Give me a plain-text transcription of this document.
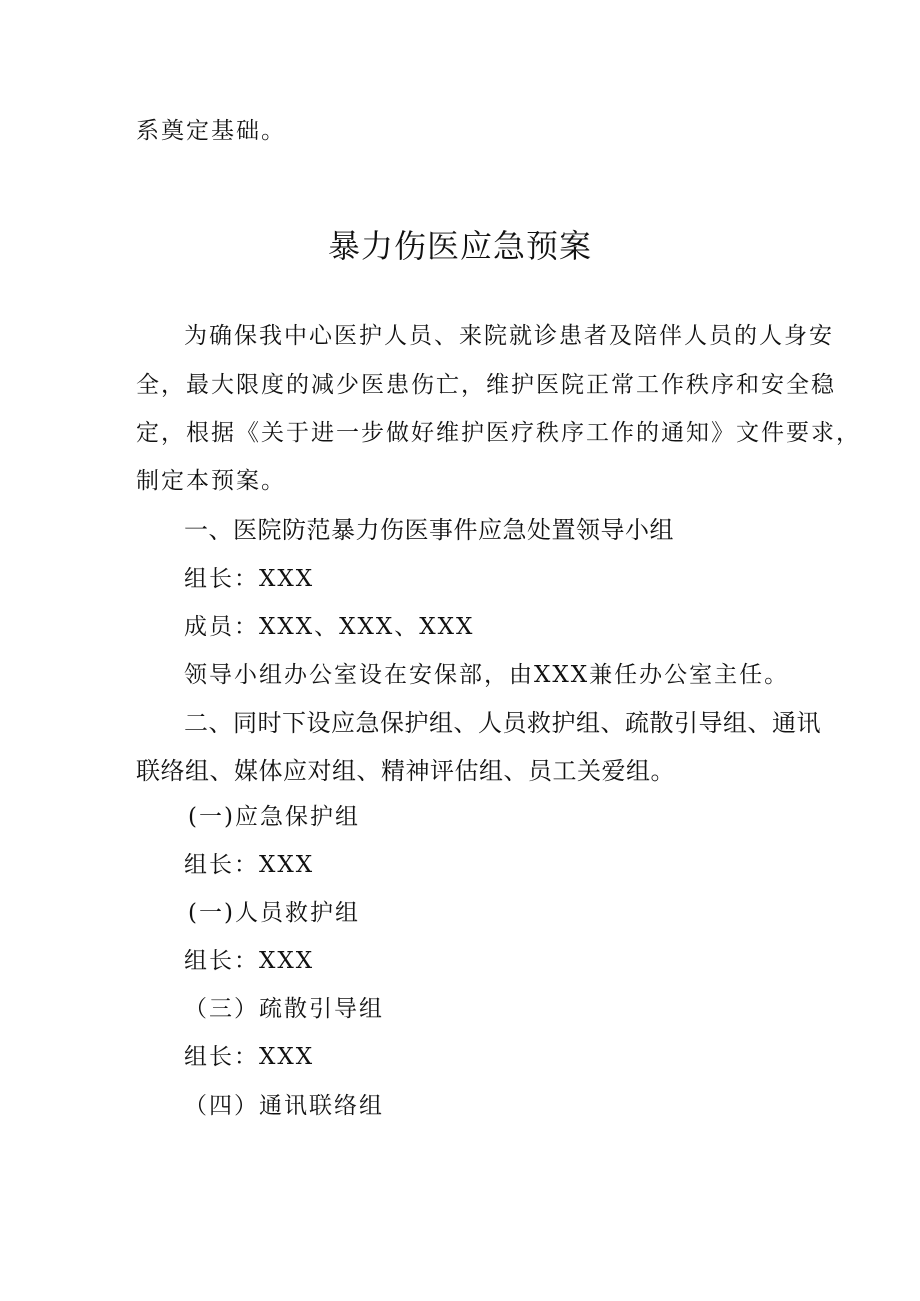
系奠定基础。
暴力伤医应急预案
为确保我中心医护人员、来院就诊患者及陪伴人员的人身安
全，最大限度的减少医患伤亡，维护医院正常工作秩序和安全稳
定，根据《关于进一步做好维护医疗秩序工作的通知》文件要求，
制定本预案。
一、医院防范暴力伤医事件应急处置领导小组
组长：XXX
成员：XXX、XXX、XXX
领导小组办公室设在安保部，由XXX兼任办公室主任。
二、同时下设应急保护组、人员救护组、疏散引导组、通讯
联络组、媒体应对组、精神评估组、员工关爱组。
(一)应急保护组
组长：XXX
(一)人员救护组
组长：XXX
（三）疏散引导组
组长：XXX
（四）通讯联络组
